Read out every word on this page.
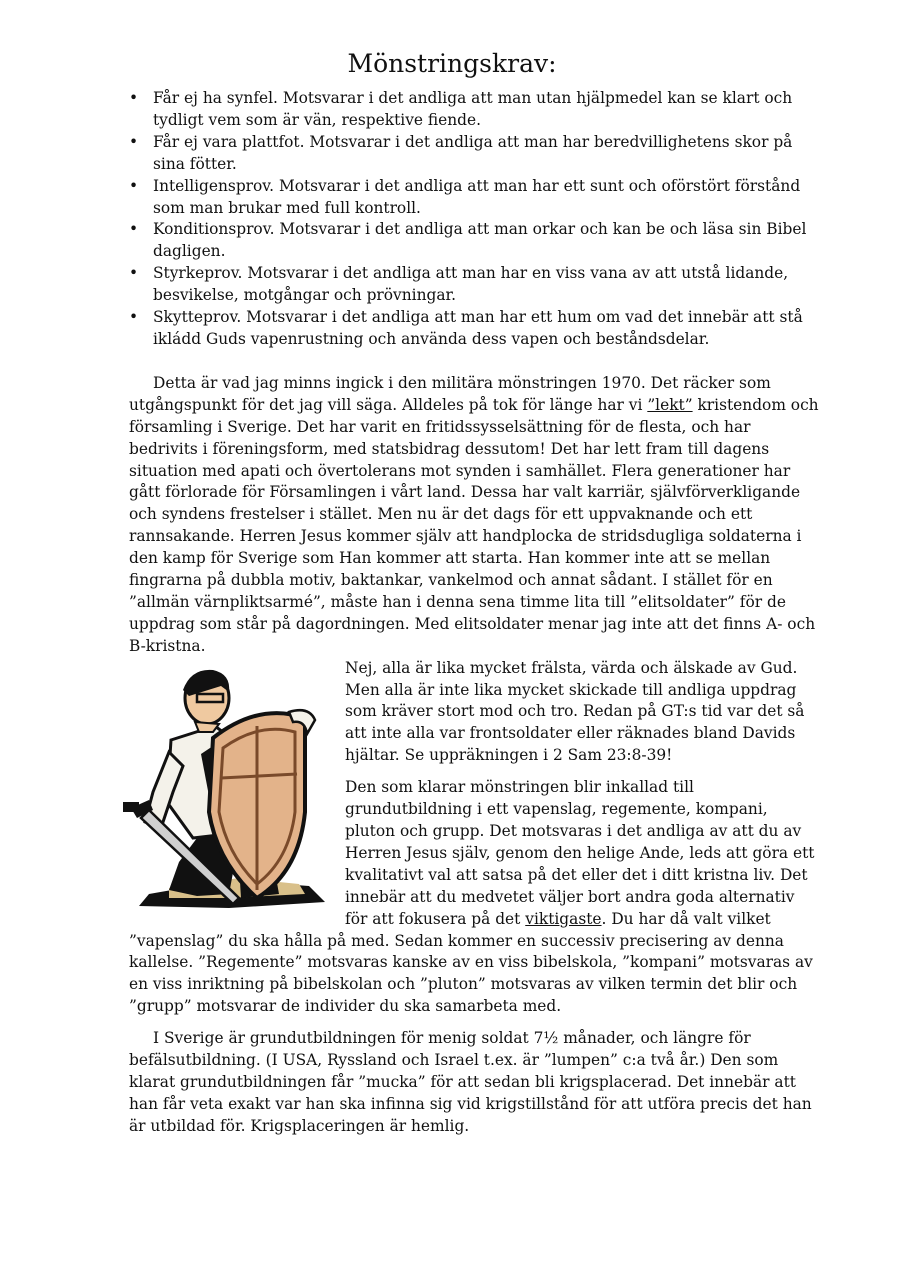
Mönstringskrav:
• Får ej ha synfel. Motsvarar i det andliga att man utan hjälpmedel kan se klart och tydligt vem som är vän, respektive fiende.
• Får ej vara plattfot. Motsvarar i det andliga att man har beredvillighetens skor på sina fötter.
• Intelligensprov. Motsvarar i det andliga att man har ett sunt och oförstört förstånd som man brukar med full kontroll.
• Konditionsprov. Motsvarar i det andliga att man orkar och kan be och läsa sin Bibel dagligen.
• Styrkeprov. Motsvarar i det andliga att man har en viss vana av att utstå lidande, besvikelse, motgångar och prövningar.
• Skytteprov. Motsvarar i det andliga att man har ett hum om vad det innebär att stå ikládd Guds vapenrustning och använda dess vapen och beståndsdelar.

Detta är vad jag minns ingick i den militära mönstringen 1970. Det räcker som utgångspunkt för det jag vill säga. Alldeles på tok för länge har vi ”lekt” kristendom och församling i Sverige. Det har varit en fritidssysselsättning för de flesta, och har bedrivits i föreningsform, med statsbidrag dessutom! Det har lett fram till dagens situation med apati och övertolerans mot synden i samhället. Flera generationer har gått förlorade för Församlingen i vårt land. Dessa har valt karriär, självförverkligande och syndens frestelser i stället. Men nu är det dags för ett uppvaknande och ett rannsakande. Herren Jesus kommer själv att handplocka de stridsdugliga soldaterna i den kamp för Sverige som Han kommer att starta. Han kommer inte att se mellan fingrarna på dubbla motiv, baktankar, vankelmod och annat sådant. I stället för en ”allmän värnpliktsarmé”, måste han i denna sena timme lita till ”elitsoldater” för de uppdrag som står på dagordningen. Med elitsoldater menar jag inte att det finns A- och B-kristna.

Nej, alla är lika mycket frälsta, värda och älskade av Gud. Men alla är inte lika mycket skickade till andliga uppdrag som kräver stort mod och tro. Redan på GT:s tid var det så att inte alla var frontsoldater eller räknades bland Davids hjältar. Se uppräkningen i 2 Sam 23:8-39!

Den som klarar mönstringen blir inkallad till grundutbildning i ett vapenslag, regemente, kompani, pluton och grupp. Det motsvaras i det andliga av att du av Herren Jesus själv, genom den helige Ande, leds att göra ett kvalitativt val att satsa på det eller det i ditt kristna liv. Det innebär att du medvetet väljer bort andra goda alternativ för att fokusera på det viktigaste. Du har då valt vilket ”vapenslag” du ska hålla på med. Sedan kommer en successiv precisering av denna kallelse. ”Regemente” motsvaras kanske av en viss bibelskola, ”kompani” motsvaras av en viss inriktning på bibelskolan och ”pluton” motsvaras av vilken termin det blir och ”grupp” motsvarar de individer du ska samarbeta med.

I Sverige är grundutbildningen för menig soldat 7½ månader, och längre för befälsutbildning. (I USA, Ryssland och Israel t.ex. är ”lumpen” c:a två år.) Den som klarat grundutbildningen får ”mucka” för att sedan bli krigsplacerad. Det innebär att han får veta exakt var han ska infinna sig vid krigstillstånd för att utföra precis det han är utbildad för. Krigsplaceringen är hemlig.
